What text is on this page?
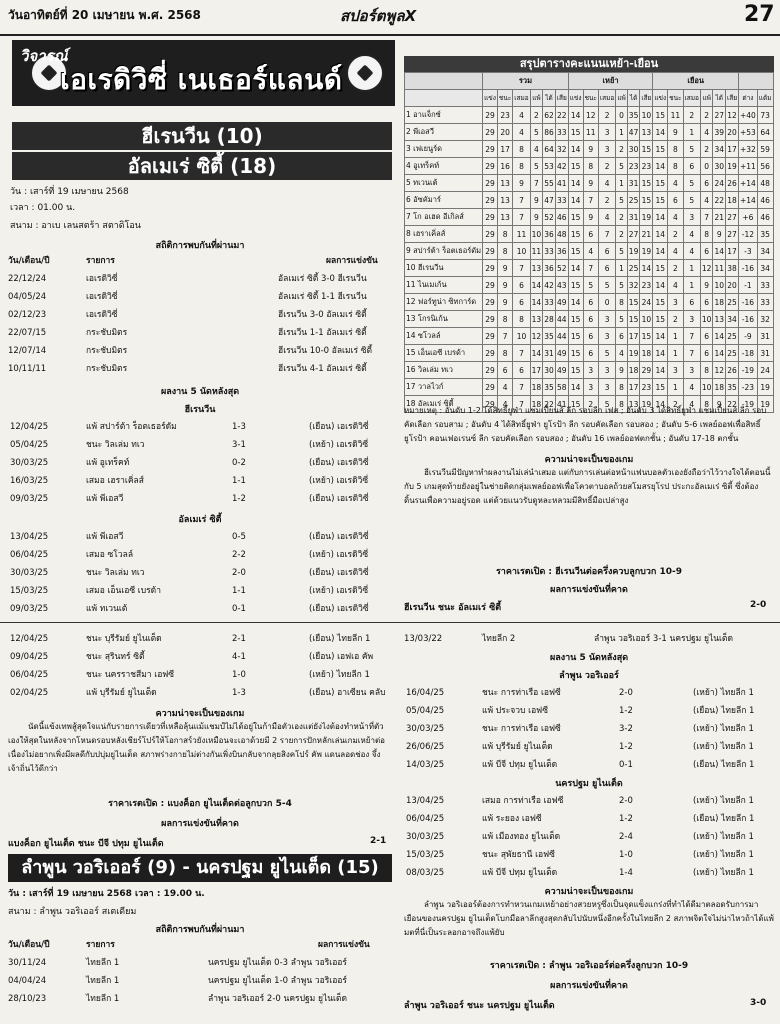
วันอาทิตย์ที่ 20 เมษายน พ.ศ. 2568	สปอร์ตพูลX	27
วิจารณ์
เอเรดิวิซี่ เนเธอร์แลนด์
ฮีเรนวีน (10)
อัลเมเร่ ซิตี้ (18)
วัน : เสาร์ที่ 19 เมษายน 2568
เวลา : 01.00 น.
สนาม : อาเบ เลนสตร้า สตาดิโอน
สถิติการพบกันที่ผ่านมา
วัน/เดือน/ปี	รายการ	ผลการแข่งขัน
22/12/24	เอเรดิวิซี่	อัลเมเร่ ซิตี้ 3-0 ฮีเรนวีน
04/05/24	เอเรดิวิซี่	อัลเมเร่ ซิตี้ 1-1 ฮีเรนวีน
02/12/23	เอเรดิวิซี่	ฮีเรนวีน 3-0 อัลเมเร่ ซิตี้
22/07/15	กระชับมิตร	ฮีเรนวีน 1-1 อัลเมเร่ ซิตี้
12/07/14	กระชับมิตร	ฮีเรนวีน 10-0 อัลเมเร่ ซิตี้
10/11/11	กระชับมิตร	ฮีเรนวีน 4-1 อัลเมเร่ ซิตี้
ผลงาน 5 นัดหลังสุด
ฮีเรนวีน
12/04/25	แพ้ สปาร์ต้า ร็อตเธอร์ดัม	1-3	(เยือน) เอเรดิวิซี่
05/04/25	ชนะ วิลเล่ม ทเว	3-1	(เหย้า) เอเรดิวิซี่
30/03/25	แพ้ อูเทร็คท์	0-2	(เยือน) เอเรดิวิซี่
16/03/25	เสมอ เฮราเคิ่ลส์	1-1	(เหย้า) เอเรดิวิซี่
09/03/25	แพ้ พีเอสวี	1-2	(เยือน) เอเรดิวิซี่
อัลเมเร่ ซิตี้
13/04/25	แพ้ พีเอสวี	0-5	(เยือน) เอเรดิวิซี่
06/04/25	เสมอ ซโวลล์	2-2	(เหย้า) เอเรดิวิซี่
30/03/25	ชนะ วิลเล่ม ทเว	2-0	(เยือน) เอเรดิวิซี่
15/03/25	เสมอ เอ็นเอซี เบรด้า	1-1	(เหย้า) เอเรดิวิซี่
09/03/25	แพ้ ทเวนเต้	0-1	(เยือน) เอเรดิวิซี่
สรุปตารางคะแนนเหย้า-เยือน
	รวม						เหย้า						เยือน							
	แข่ง	ชนะ	เสมอ	แพ้	ได้	เสีย	แข่ง	ชนะ	เสมอ	แพ้	ได้	เสีย	แข่ง	ชนะ	เสมอ	แพ้	ได้	เสีย	ต่าง	แต้ม
1 อาแจ็กซ์	29	23	4	2	62	22	14	12	2	0	35	10	15	11	2	2	27	12	+40	73
2 พีเอสวี	29	20	4	5	86	33	15	11	3	1	47	13	14	9	1	4	39	20	+53	64
3 เฟเยนูร์ด	29	17	8	4	64	32	14	9	3	2	30	15	15	8	5	2	34	17	+32	59
4 อูเทร็คท์	29	16	8	5	53	42	15	8	2	5	23	23	14	8	6	0	30	19	+11	56
5 ทเวนเต้	29	13	9	7	55	41	14	9	4	1	31	15	15	4	5	6	24	26	+14	48
6 อัซคัมาร์	29	13	7	9	47	33	14	7	2	5	25	15	15	6	5	4	22	18	+14	46
7 โก อเฮด อีเกิลส์	29	13	7	9	52	46	15	9	4	2	31	19	14	4	3	7	21	27	+6	46
8 เฮราเคิ่ลส์	29	8	11	10	36	48	15	6	7	2	27	21	14	2	4	8	9	27	-12	35
9 สปาร์ต้า ร็อตเธอร์ดัม	29	8	10	11	33	36	15	4	6	5	19	19	14	4	4	6	14	17	-3	34
10 ฮีเรนวีน	29	9	7	13	36	52	14	7	6	1	25	14	15	2	1	12	11	38	-16	34
11 ไนเมเก้น	29	9	6	14	42	43	15	5	5	5	32	23	14	4	1	9	10	20	-1	33
12 ฟอร์ทูน่า ซิทการ์ด	29	9	6	14	33	49	14	6	0	8	15	24	15	3	6	6	18	25	-16	33
13 โกรนิเก้น	29	8	8	13	28	44	15	6	3	5	15	10	15	2	3	10	13	34	-16	32
14 ซโวลล์	29	7	10	12	35	44	15	6	3	6	17	15	14	1	7	6	14	25	-9	31
15 เอ็นเอซี เบรด้า	29	8	7	14	31	49	15	6	5	4	19	18	14	1	7	6	14	25	-18	31
16 วิลเล่ม ทเว	29	6	6	17	30	49	15	3	3	9	18	29	14	3	3	8	12	26	-19	24
17 วาลไวก์	29	4	7	18	35	58	14	3	3	8	17	23	15	1	4	10	18	35	-23	19
18 อัลเมเร่ ซิตี้	29	4	7	18	22	41	15	2	5	8	13	19	14	2	4	8	9	22	-19	19
หมายเหตุ : อันดับ 1-2 ได้สิทธิ์ยูฟ่า แชมเปี้ยนส์ ลีก รอบลีก เฟส ; อันดับ 3 ได้สิทธิ์ยูฟ่า แชมเปี้ยนส์ ลีก รอบคัดเลือก รอบสาม ; อันดับ 4 ได้สิทธิ์ยูฟ่า ยูโรป้า ลีก รอบคัดเลือก รอบสอง ; อันดับ 5-6 เพลย์ออฟเพื่อสิทธิ์ ยูโรป้า คอนเฟอเรนซ์ ลีก รอบคัดเลือก รอบสอง ; อันดับ 16 เพลย์ออฟตกชั้น ; อันดับ 17-18 ตกชั้น
ความน่าจะเป็นของเกม
ฮีเรนวีนมีปัญหาทำผลงานไม่เล่นำเสมอ แต่กับการเล่นต่อหน้าแฟนบอลตัวเองยังถือว่าไว้วางใจได้ตอนนี้กับ 5 เกมสุดท้ายยังอยู่ในช่ายติดกลุ่มเพลย์ออฟเพื่อโควตาบอลถ้วยสโมสรยุโรป ประกะอัลเมเร่ ซิตี้ ซึ่งต้องดิ้นรนเพื่อความอยู่รอด แต่ด้วยแนวรับดูหละหลวมมีสิทธิ์มือเปล่าสูง
ราคาเรตเปิด : ฮีเรนวีนต่อครึ่งควบลูกบวก 10-9
ผลการแข่งขันที่คาด
ฮีเรนวีน ชนะ อัลเมเร่ ซิตี้	2-0
12/04/25	ชนะ บุรีรัมย์ ยูไนเต็ด	2-1	(เยือน) ไทยลีก 1
09/04/25	ชนะ สุรินทร์ ซิตี้	4-1	(เยือน) เอฟเอ คัพ
06/04/25	ชนะ นครราชสีมา เอฟซี	1-0	(เหย้า) ไทยลีก 1
02/04/25	แพ้ บุรีรัมย์ ยูไนเต็ด	1-3	(เยือน) อาเซียน คลับ
ความน่าจะเป็นของเกม
นัดนี้แข้งเทพสู้สุดใจแน่กับรายการเดียวที่เหลือลุ้นแม้แชมป์ไม่ได้อยู่ในก้ามือตัวเองแต่ยังไงต้องทำหน้าที่ตัวเองให้สุดในหลังจากโหนดรอบหลังเชียร์โปร์ให้โอกาสร์วยังเหมือนจะเอาด้วยมี 2 รายการปักหลักเล่นเกมเหย้าต่อเนื่องไม่อยากเพิ่งมีผลดีกับปบุ่มยูไนเต็ด สภาพร่างกายไม่ต่างกันเพิ่งบินกลับจากลุยสิงคโปร์ คัพ แดนลอดช่อง จึ้งเจ้าถิ่นไว้ดีกว่า
ราคาเรตเปิด : แบงค็อก ยูไนเต็ดต่อลูกบวก 5-4
ผลการแข่งขันที่คาด
แบงค็อก ยูไนเต็ด ชนะ บีจี ปทุม ยูไนเต็ด	2-1
ลำพูน วอริเออร์ (9) - นครปฐม ยูไนเต็ด (15)
วัน : เสาร์ที่ 19 เมษายน 2568 เวลา : 19.00 น.
สนาม : ลำพูน วอริเออร์ สเตเดียม
สถิติการพบกันที่ผ่านมา
วัน/เดือน/ปี	รายการ	ผลการแข่งขัน
30/11/24	ไทยลีก 1	นครปฐม ยูไนเต็ด 0-3 ลำพูน วอริเออร์
04/04/24	ไทยลีก 1	นครปฐม ยูไนเต็ด 1-0 ลำพูน วอริเออร์
28/10/23	ไทยลีก 1	ลำพูน วอริเออร์ 2-0 นครปฐม ยูไนเต็ด
13/03/22	ไทยลีก 2	ลำพูน วอริเออร์ 3-1 นครปฐม ยูไนเต็ด
ผลงาน 5 นัดหลังสุด
ลำพูน วอริเออร์
16/04/25	ชนะ การท่าเรือ เอฟซี	2-0	(เหย้า) ไทยลีก 1
05/04/25	แพ้ ประจวบ เอฟซี	1-2	(เยือน) ไทยลีก 1
30/03/25	ชนะ การท่าเรือ เอฟซี	3-2	(เหย้า) ไทยลีก 1
26/06/25	แพ้ บุรีรัมย์ ยูไนเต็ด	1-2	(เหย้า) ไทยลีก 1
14/03/25	แพ้ บีจี ปทุม ยูไนเต็ด	0-1	(เยือน) ไทยลีก 1
นครปฐม ยูไนเต็ด
13/04/25	เสมอ การท่าเรือ เอฟซี	2-0	(เหย้า) ไทยลีก 1
06/04/25	แพ้ ระยอง เอฟซี	1-2	(เยือน) ไทยลีก 1
30/03/25	แพ้ เมืองทอง ยูไนเต็ด	2-4	(เหย้า) ไทยลีก 1
15/03/25	ชนะ สุพัยธานี เอฟซี	1-0	(เหย้า) ไทยลีก 1
08/03/25	แพ้ บีจี ปทุม ยูไนเต็ด	1-4	(เหย้า) ไทยลีก 1
ความน่าจะเป็นของเกม
ลำพูน วอริเออร์ต้องการทำหวนเกมเหย้าอย่างสวยหรูซึ่งเป็นจุดแข็งแกร่งที่ทำได้ดีมาตลอดรับการมาเยือนของนครปฐม ยูไนเต็ดโบกมือลาลีกสูงสุดกลับไปนับหนึ่งอีกครั้งในไทยลีก 2 สภาพจิตใจไม่น่าไหวถ้าได้แพ้มตที่นี่เป็นระลอกอาจถึงแพ้ยับ
ราคาเรตเปิด : ลำพูน วอริเออร์ต่อครึ่งลูกบวก 10-9
ผลการแข่งขันที่คาด
ลำพูน วอริเออร์ ชนะ นครปฐม ยูไนเต็ด	3-0
